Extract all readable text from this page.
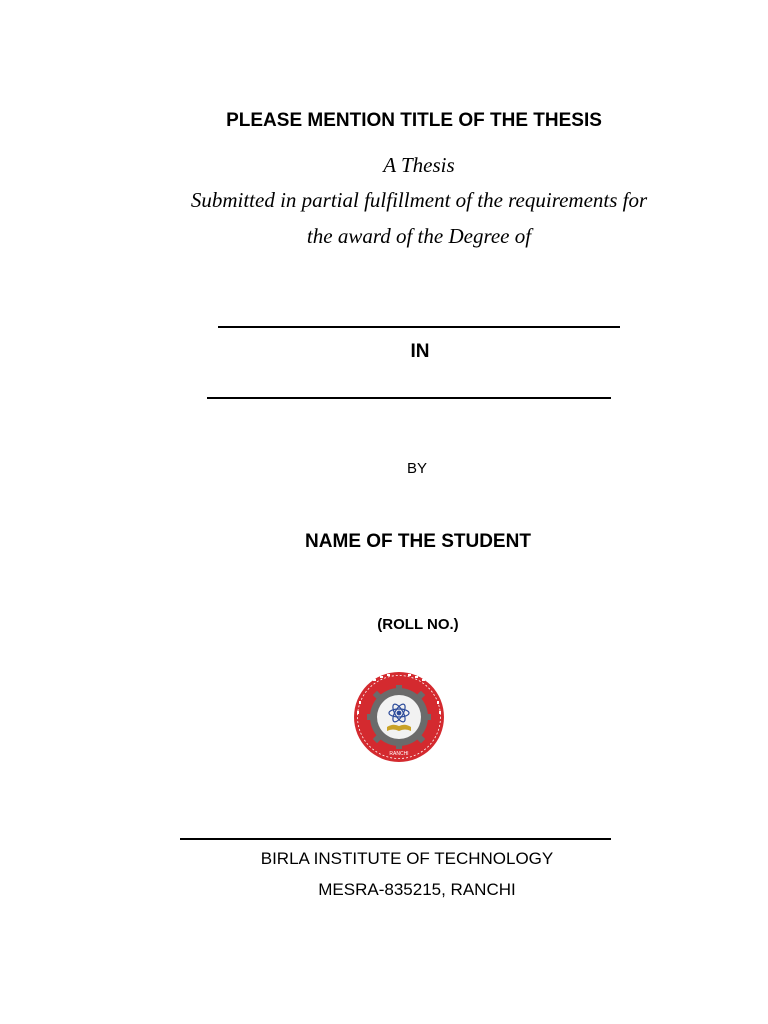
PLEASE MENTION TITLE OF THE THESIS
A Thesis
Submitted in partial fulfillment of the requirements for
the award of the Degree of
IN
BY
NAME OF THE STUDENT
(ROLL NO.)
RANCHI
BIRLA INSTITUTE OF TECHNOLOGY
MESRA-835215, RANCHI
